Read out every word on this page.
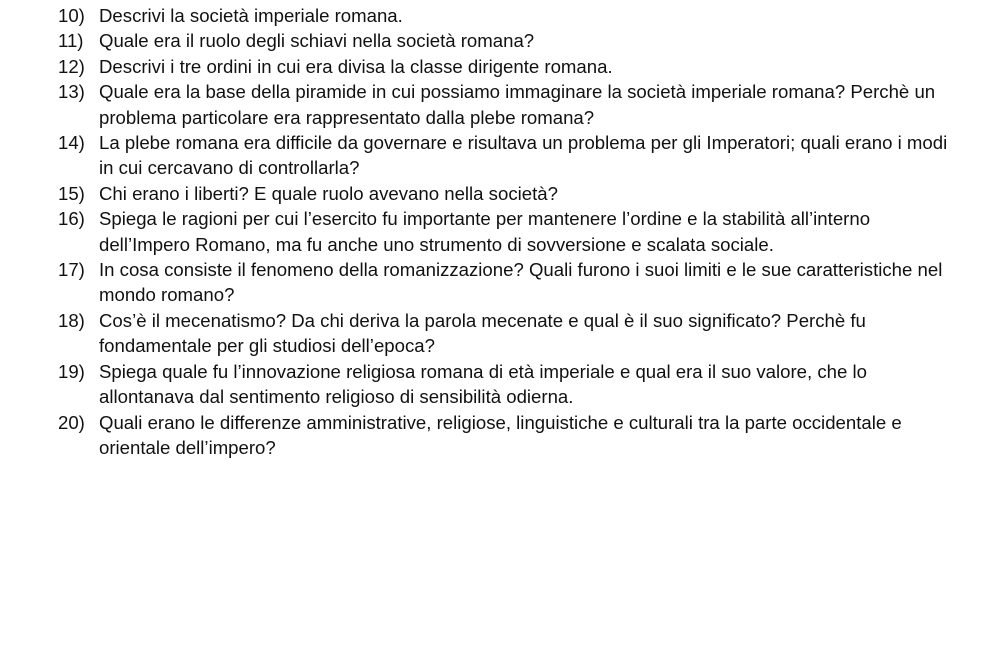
10) Descrivi la società imperiale romana.
11) Quale era il ruolo degli schiavi nella società romana?
12) Descrivi i tre ordini in cui era divisa la classe dirigente romana.
13) Quale era la base della piramide in cui possiamo immaginare la società imperiale romana? Perchè un problema particolare era rappresentato dalla plebe romana?
14) La plebe romana era difficile da governare e risultava un problema per gli Imperatori; quali erano i modi in cui cercavano di controllarla?
15) Chi erano i liberti? E quale ruolo avevano nella società?
16) Spiega le ragioni per cui l’esercito fu importante per mantenere l’ordine e la stabilità all’interno dell’Impero Romano, ma fu anche uno strumento di sovversione e scalata sociale.
17) In cosa consiste il fenomeno della romanizzazione? Quali furono i suoi limiti e le sue caratteristiche nel mondo romano?
18) Cos’è il mecenatismo? Da chi deriva la parola mecenate e qual è il suo significato? Perchè fu fondamentale per gli studiosi dell’epoca?
19) Spiega quale fu l’innovazione religiosa romana di età imperiale e qual era il suo valore, che lo allontanava dal sentimento religioso di sensibilità odierna.
20) Quali erano le differenze amministrative, religiose, linguistiche e culturali tra la parte occidentale e orientale dell’impero?
